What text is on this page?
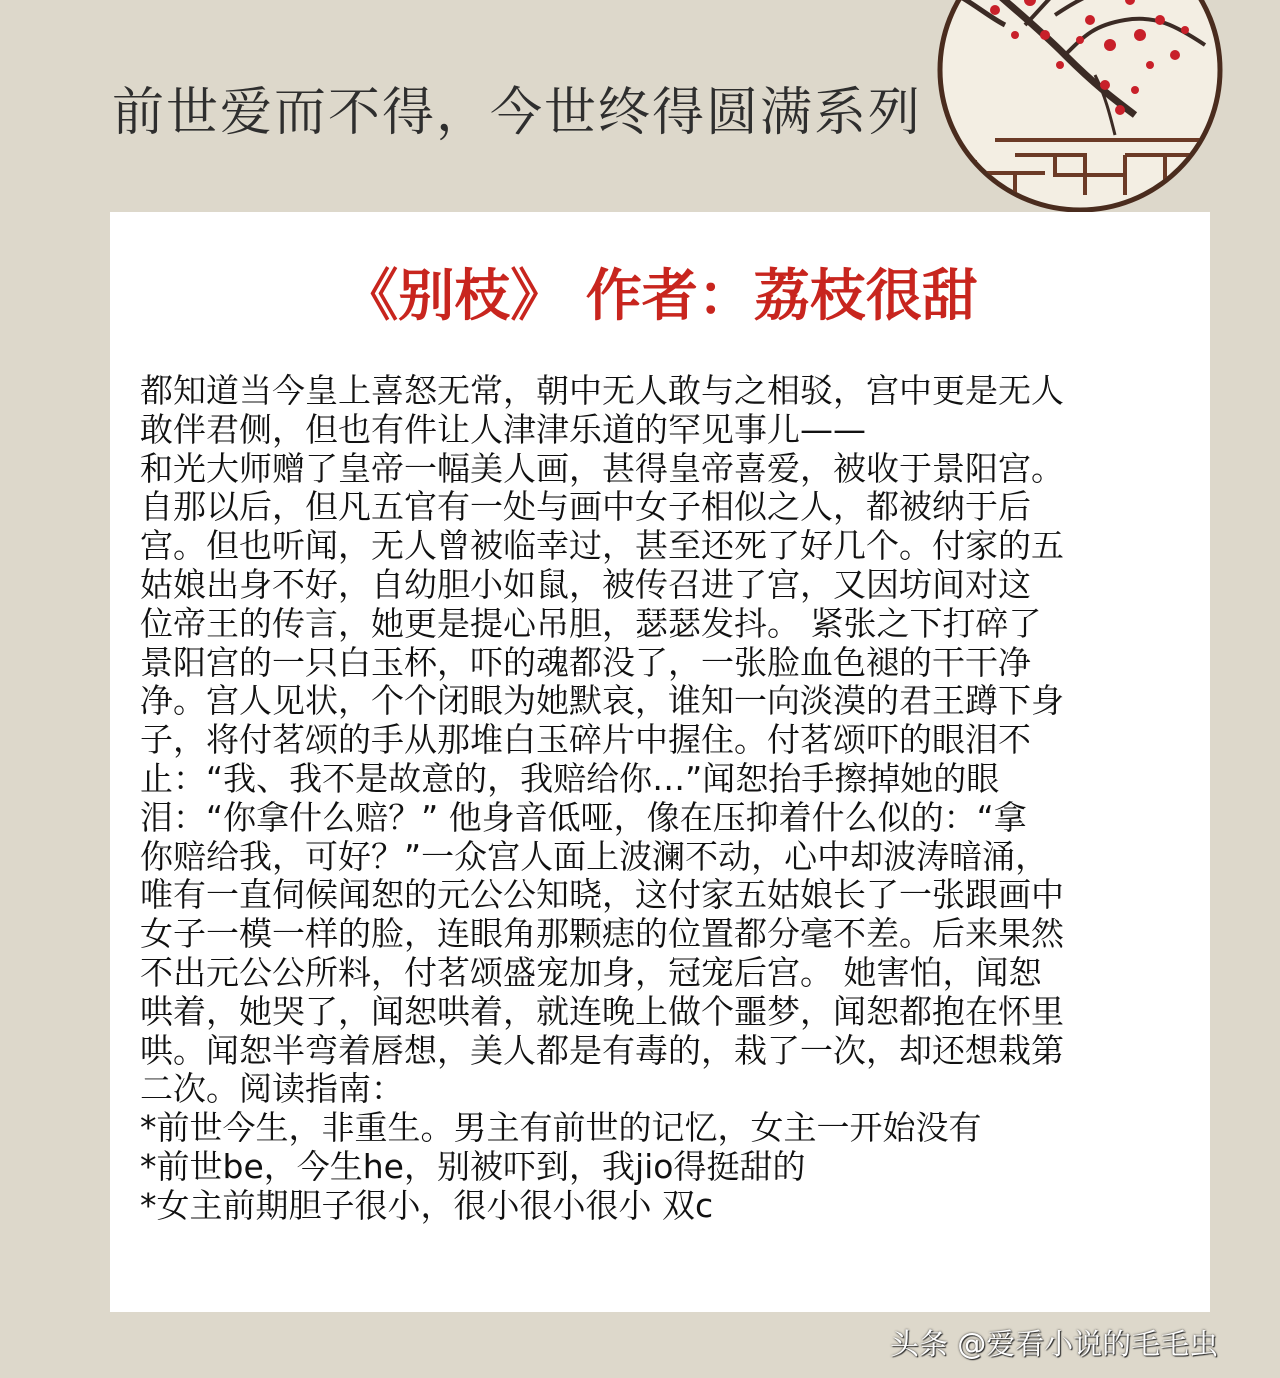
前世爱而不得，今世终得圆满系列
《别枝》 作者：荔枝很甜
都知道当今皇上喜怒无常，朝中无人敢与之相驳，宫中更是无人
敢伴君侧，但也有件让人津津乐道的罕见事儿——
和光大师赠了皇帝一幅美人画，甚得皇帝喜爱，被收于景阳宫。
自那以后，但凡五官有一处与画中女子相似之人，都被纳于后
宫。但也听闻，无人曾被临幸过，甚至还死了好几个。付家的五
姑娘出身不好，自幼胆小如鼠，被传召进了宫，又因坊间对这
位帝王的传言，她更是提心吊胆，瑟瑟发抖。 紧张之下打碎了
景阳宫的一只白玉杯，吓的魂都没了，一张脸血色褪的干干净
净。宫人见状，个个闭眼为她默哀，谁知一向淡漠的君王蹲下身
子，将付茗颂的手从那堆白玉碎片中握住。付茗颂吓的眼泪不
止：“我、我不是故意的，我赔给你…”闻恕抬手擦掉她的眼
泪：“你拿什么赔？” 他身音低哑，像在压抑着什么似的：“拿
你赔给我，可好？”一众宫人面上波澜不动，心中却波涛暗涌，
唯有一直伺候闻恕的元公公知晓，这付家五姑娘长了一张跟画中
女子一模一样的脸，连眼角那颗痣的位置都分毫不差。后来果然
不出元公公所料，付茗颂盛宠加身，冠宠后宫。 她害怕，闻恕
哄着，她哭了，闻恕哄着，就连晚上做个噩梦，闻恕都抱在怀里
哄。闻恕半弯着唇想，美人都是有毒的，栽了一次，却还想栽第
二次。阅读指南：
*前世今生，非重生。男主有前世的记忆，女主一开始没有
*前世be，今生he，别被吓到，我jio得挺甜的
*女主前期胆子很小，很小很小很小 双c
头条 @爱看小说的毛毛虫
